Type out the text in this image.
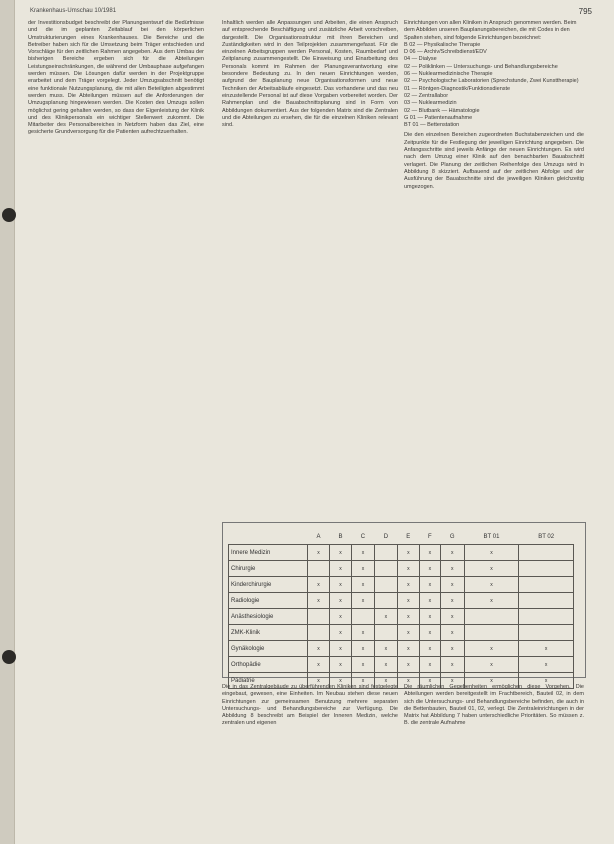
Krankenhaus-Umschau 10/1981	795
der Investitionsbudget beschreibt der Planungsentwurf die Bedürfnisse und die im geplanten Zeitablauf bei den körperlichen Umstrukturierungen eines Krankenhauses. Die Bereiche und die Betreiber haben sich für die Umsetzung beim Träger entschieden und Vorschläge für den zeitlichen Rahmen angegeben. Aus dem Umbau der bisherigen Bereiche ergeben sich für die Abteilungen Leistungseinschränkungen, die während der Umbauphase aufgefangen werden müssen. Die Lösungen dafür werden in der Projektgruppe erarbeitet und dem Träger vorgelegt. Jeder Umzugsabschnitt benötigt eine funktionale Nutzungsplanung, die mit allen Beteiligten abgestimmt werden muss. Die Abteilungen müssen auf die Anforderungen der Umzugsplanung hingewiesen werden. Die Kosten des Umzugs sollen möglichst gering gehalten werden, so dass der Eigenleistung der Klinik und des Klinikpersonals ein wichtiger Stellenwert zukommt. Die Mitarbeiter des Personalbereiches in Netzform haben das Ziel, eine gesicherte Grundversorgung für die Patienten aufrechtzuerhalten.
Inhaltlich werden alle Anpassungen und Arbeiten, die einen Anspruch auf entsprechende Beschäftigung und zusätzliche Arbeit vorschreiben, dargestellt. Die Organisationsstruktur mit ihren Bereichen und Zuständigkeiten wird in den Teilprojekten zusammengefasst. Für die einzelnen Arbeitsgruppen werden Personal, Kosten, Raumbedarf und Zeitplanung zusammengestellt. Die Einweisung und Einarbeitung des Personals kommt im Rahmen der Planungsverantwortung eine besondere Bedeutung zu. In den neuen Einrichtungen werden, aufgrund der Bauplanung neue Organisationsformen und neue Techniken der Arbeitsabläufe eingesetzt. Das vorhandene und das neu einzustellende Personal ist auf diese Vorgaben vorbereitet worden. Der Rahmenplan und die Bauabschnittsplanung sind in Form von Abbildungen dokumentiert. Aus der folgenden Matrix sind die Zentralen und die Abteilungen zu ersehen, die für die einzelnen Kliniken relevant sind.
Einrichtungen von allen Kliniken in Anspruch genommen werden. Beim dem Abbilden unseren Bauplanungsbereichen, die mit Codes in den Spalten stehen, sind folgende Einrichtungen bezeichnet:
B 02 — Physikalische Therapie
D 06 — Archiv/Schreibdienst/EDV
04 — Dialyse
02 — Poliklinken — Untersuchungs- und Behandlungsbereiche
06 — Nuklearmedizinische Therapie
02 — Psychologische Laboratorien (Sprechstunde, Zwei Kunsttherapie)
01 — Röntgen-Diagnostik/Funktionsdienste
02 — Zentrallabor
03 — Nuklearmedizin
02 — Blutbank — Hämatologie
G 01 — Patientenaufnahme
BT 01 — Bettenstation
Die den einzelnen Bereichen zugeordneten Buchstabenzeichen und die Zeitpunkte für die Festlegung der jeweiligen Einrichtung angegeben. Die Anfangsschritte sind jeweils Anfänge der neuen Einrichtungen. Es wird nach dem Umzug einer Klinik auf den benachbarten Bauabschnitt verlagert. Die Planung der zeitlichen Reihenfolge des Umzugs wird in Abbildung 8 skizziert. Aufbauend auf der zeitlichen Abfolge und der Ausführung der Bauabschnitte sind die jeweiligen Kliniken gleichzeitig umgezogen.
	A	B	C	D	E	F	G	BT 01	BT 02
Innere Medizin	x	x	x		x	x	x	x	
Chirurgie		x	x		x	x	x	x	
Kinderchirurgie	x	x	x		x	x	x	x	
Radiologie	x	x	x		x	x	x	x	
Anästhesiologie		x		x	x	x	x		
ZMK-Klinik		x	x		x	x	x		
Gynäkologie	x	x	x	x	x	x	x	x	x
Orthopädie	x	x	x	x	x	x	x	x	x
Pädiatrie	x	x	x	x	x	x	x	x	x
Die in das Zentralgebäude zu überführenden Kliniken sind festgelegte eingebaut, gewesen, eine Einheiten. Im Neubau stehen diese neuen Einrichtungen zur gemeinsamen Benutzung mehrere separaten Untersuchungs- und Behandlungsbereiche zur Verfügung. Die Abbildung 8 beschreibt am Beispiel der Inneren Medizin, welche zentralen und eigenen
Die räumlichen Gegebenheiten ermöglichen diese Vorgehen. Die Abteilungen werden bereitgestellt im Frachtbereich, Bauteil 02, in dem sich die Untersuchungs- und Behandlungsbereiche befinden, die auch in die Bettenbauten, Bauteil 01, 02, verlegt. Die Zentraleinrichtungen in der Matrix hat Abbildung 7 haben unterschiedliche Prioritäten. So müssen z. B. die zentrale Aufnahme
